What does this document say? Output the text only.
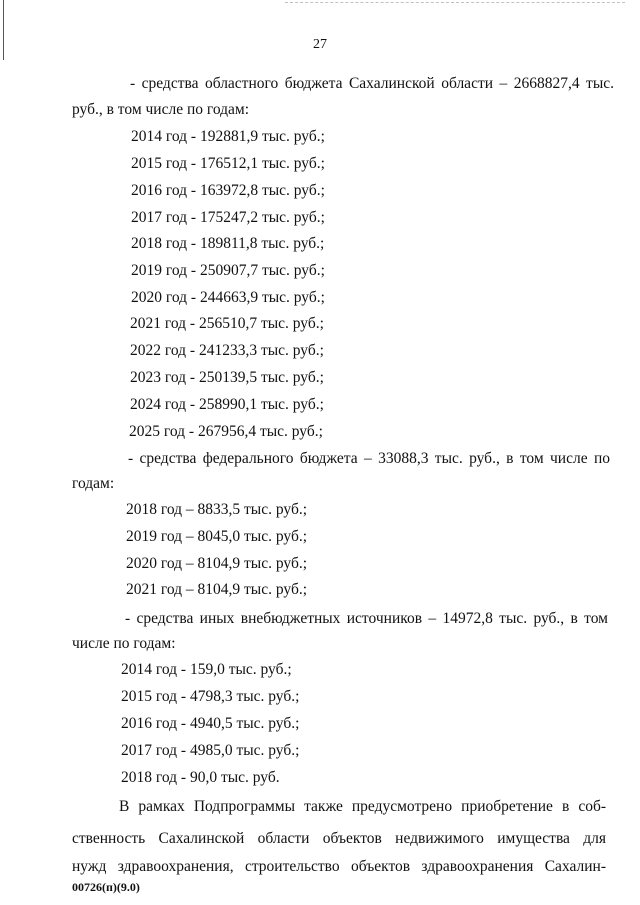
27
- средства областного бюджета Сахалинской области – 2668827,4 тыс.
руб., в том числе по годам:
2014 год - 192881,9 тыс. руб.;
2015 год - 176512,1 тыс. руб.;
2016 год - 163972,8 тыс. руб.;
2017 год - 175247,2 тыс. руб.;
2018 год - 189811,8 тыс. руб.;
2019 год - 250907,7 тыс. руб.;
2020 год - 244663,9 тыс. руб.;
2021 год - 256510,7 тыс. руб.;
2022 год - 241233,3 тыс. руб.;
2023 год - 250139,5 тыс. руб.;
2024 год - 258990,1 тыс. руб.;
2025 год - 267956,4 тыс. руб.;
- средства федерального бюджета – 33088,3 тыс. руб., в том числе по
годам:
2018 год – 8833,5 тыс. руб.;
2019 год – 8045,0 тыс. руб.;
2020 год – 8104,9 тыс. руб.;
2021 год – 8104,9 тыс. руб.;
- средства иных внебюджетных источников – 14972,8 тыс. руб., в том
числе по годам:
2014 год - 159,0 тыс. руб.;
2015 год - 4798,3 тыс. руб.;
2016 год - 4940,5 тыс. руб.;
2017 год - 4985,0 тыс. руб.;
2018 год - 90,0 тыс. руб.
В рамках Подпрограммы также предусмотрено приобретение в соб-
ственность Сахалинской области объектов недвижимого имущества для
нужд здравоохранения, строительство объектов здравоохранения Сахалин-
00726(п)(9.0)
